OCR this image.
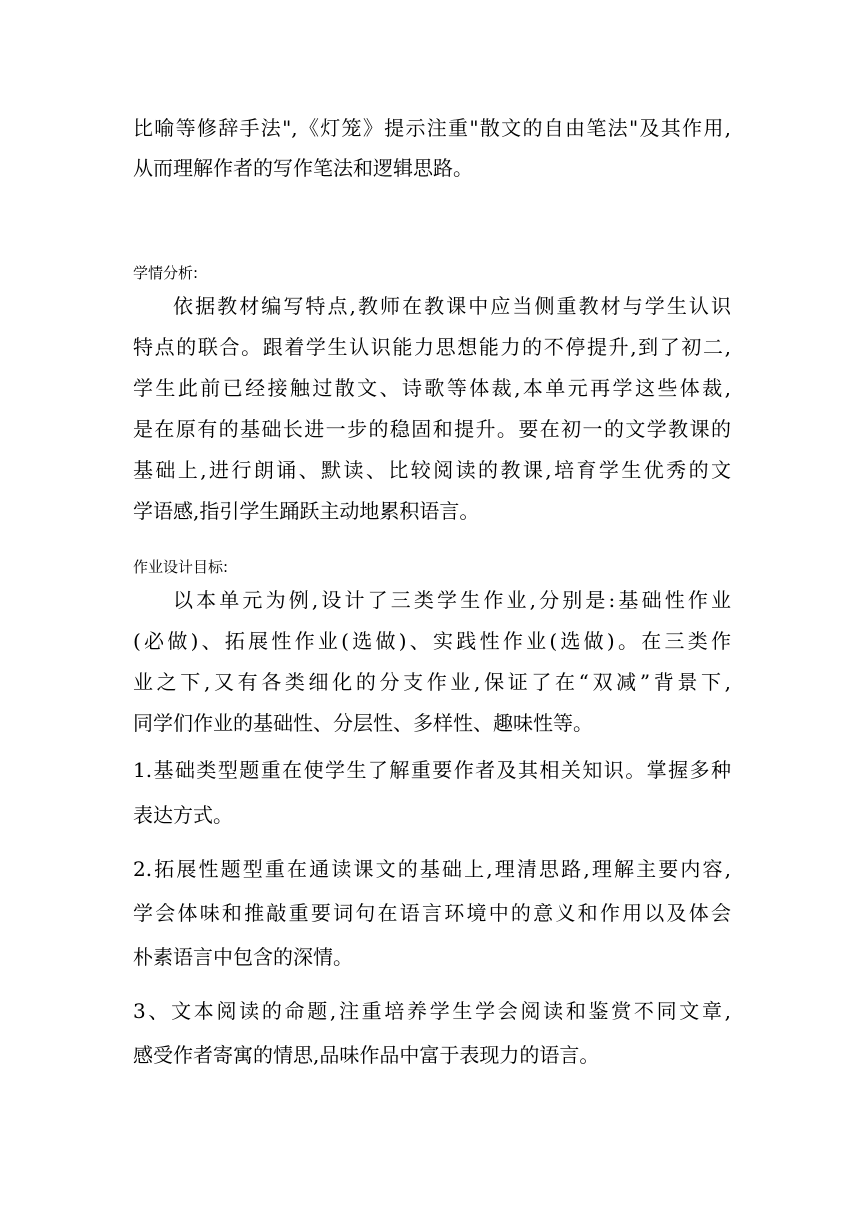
比喻等修辞手法",《灯笼》提示注重"散文的自由笔法"及其作用,
从而理解作者的写作笔法和逻辑思路。
学情分析:
依据教材编写特点,教师在教课中应当侧重教材与学生认识
特点的联合。跟着学生认识能力思想能力的不停提升,到了初二,
学生此前已经接触过散文、诗歌等体裁,本单元再学这些体裁,
是在原有的基础长进一步的稳固和提升。要在初一的文学教课的
基础上,进行朗诵、默读、比较阅读的教课,培育学生优秀的文
学语感,指引学生踊跃主动地累积语言。
作业设计目标:
以本单元为例,设计了三类学生作业,分别是:基础性作业
(必做)、拓展性作业(选做)、实践性作业(选做)。在三类作
业之下,又有各类细化的分支作业,保证了在“双减”背景下,
同学们作业的基础性、分层性、多样性、趣味性等。
1.基础类型题重在使学生了解重要作者及其相关知识。掌握多种
表达方式。
2.拓展性题型重在通读课文的基础上,理清思路,理解主要内容,
学会体味和推敲重要词句在语言环境中的意义和作用以及体会
朴素语言中包含的深情。
3、文本阅读的命题,注重培养学生学会阅读和鉴赏不同文章,
感受作者寄寓的情思,品味作品中富于表现力的语言。
